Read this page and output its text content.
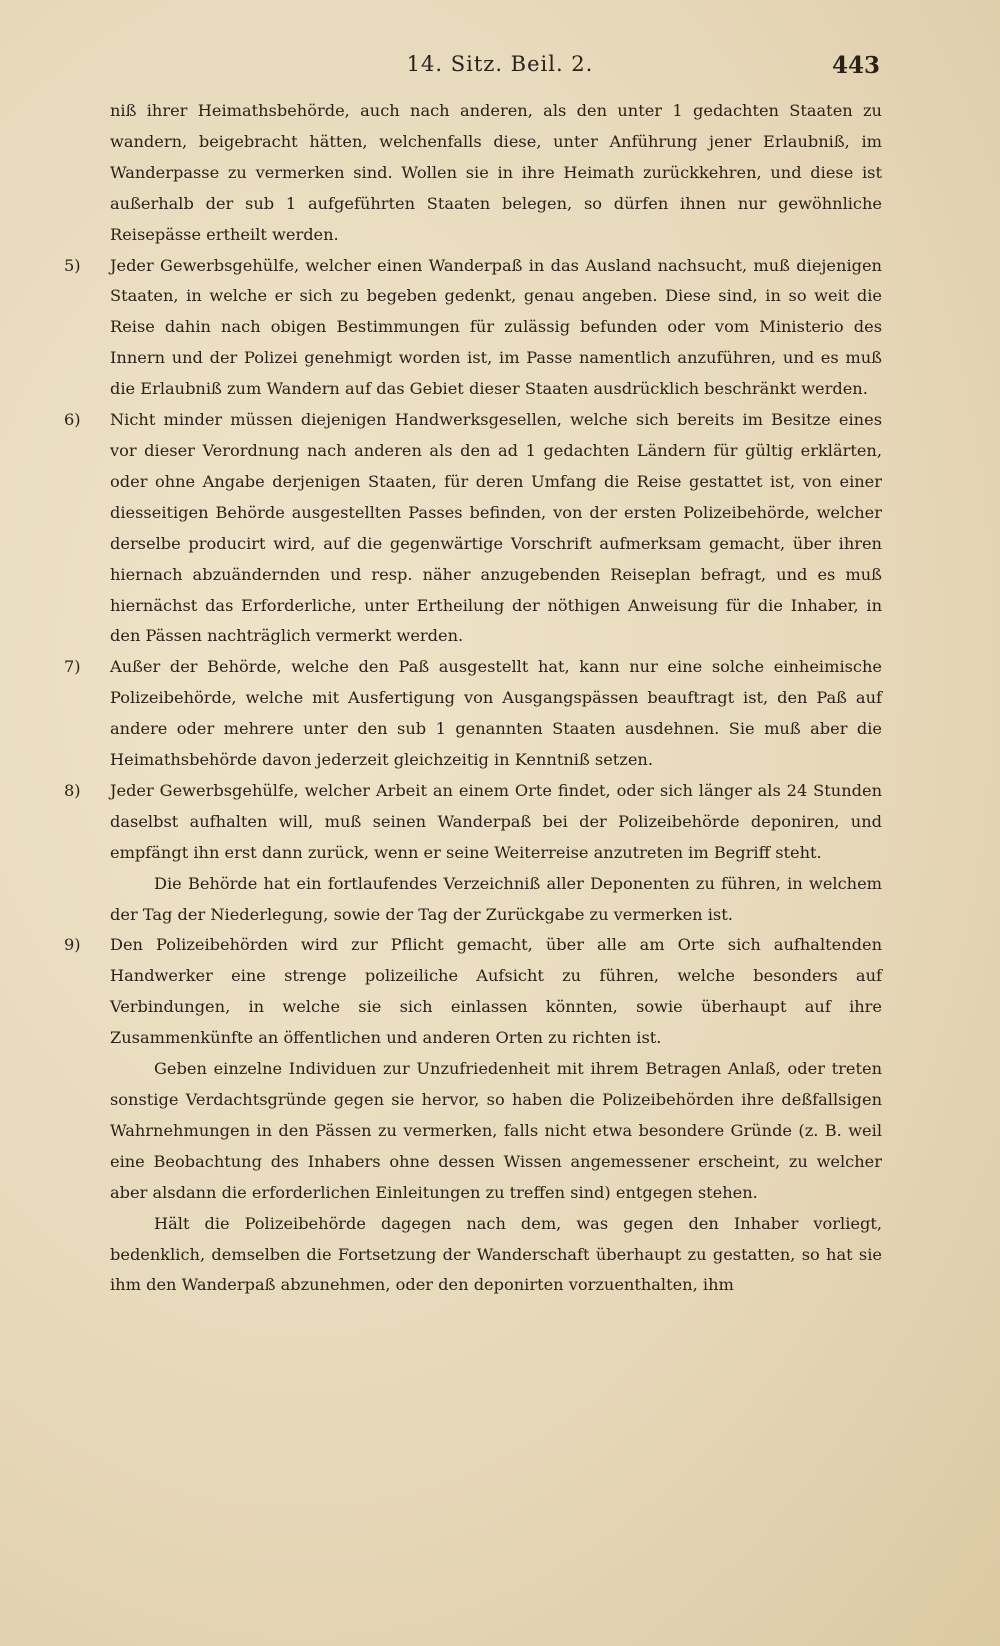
14. Sitz. Beil. 2.	443

niß ihrer Heimathsbehörde, auch nach anderen, als den unter 1 gedachten Staaten zu wandern, beigebracht hätten, welchenfalls diese, unter Anführung jener Erlaubniß, im Wanderpasse zu vermerken sind. Wollen sie in ihre Heimath zurückkehren, und diese ist außerhalb der sub 1 aufgeführten Staaten belegen, so dürfen ihnen nur gewöhnliche Reisepässe ertheilt werden.

5) Jeder Gewerbsgehülfe, welcher einen Wanderpaß in das Ausland nachsucht, muß diejenigen Staaten, in welche er sich zu begeben gedenkt, genau angeben. Diese sind, in so weit die Reise dahin nach obigen Bestimmungen für zulässig befunden oder vom Ministerio des Innern und der Polizei genehmigt worden ist, im Passe namentlich anzuführen, und es muß die Erlaubniß zum Wandern auf das Gebiet dieser Staaten ausdrücklich beschränkt werden.

6) Nicht minder müssen diejenigen Handwerksgesellen, welche sich bereits im Besitze eines vor dieser Verordnung nach anderen als den ad 1 gedachten Ländern für gültig erklärten, oder ohne Angabe derjenigen Staaten, für deren Umfang die Reise gestattet ist, von einer diesseitigen Behörde ausgestellten Passes befinden, von der ersten Polizeibehörde, welcher derselbe producirt wird, auf die gegenwärtige Vorschrift aufmerksam gemacht, über ihren hiernach abzuändernden und resp. näher anzugebenden Reiseplan befragt, und es muß hiernächst das Erforderliche, unter Ertheilung der nöthigen Anweisung für die Inhaber, in den Pässen nachträglich vermerkt werden.

7) Außer der Behörde, welche den Paß ausgestellt hat, kann nur eine solche einheimische Polizeibehörde, welche mit Ausfertigung von Ausgangspässen beauftragt ist, den Paß auf andere oder mehrere unter den sub 1 genannten Staaten ausdehnen. Sie muß aber die Heimathsbehörde davon jederzeit gleichzeitig in Kenntniß setzen.

8) Jeder Gewerbsgehülfe, welcher Arbeit an einem Orte findet, oder sich länger als 24 Stunden daselbst aufhalten will, muß seinen Wanderpaß bei der Polizeibehörde deponiren, und empfängt ihn erst dann zurück, wenn er seine Weiterreise anzutreten im Begriff steht.

Die Behörde hat ein fortlaufendes Verzeichniß aller Deponenten zu führen, in welchem der Tag der Niederlegung, sowie der Tag der Zurückgabe zu vermerken ist.

9) Den Polizeibehörden wird zur Pflicht gemacht, über alle am Orte sich aufhaltenden Handwerker eine strenge polizeiliche Aufsicht zu führen, welche besonders auf Verbindungen, in welche sie sich einlassen könnten, sowie überhaupt auf ihre Zusammenkünfte an öffentlichen und anderen Orten zu richten ist.

Geben einzelne Individuen zur Unzufriedenheit mit ihrem Betragen Anlaß, oder treten sonstige Verdachtsgründe gegen sie hervor, so haben die Polizeibehörden ihre deßfallsigen Wahrnehmungen in den Pässen zu vermerken, falls nicht etwa besondere Gründe (z. B. weil eine Beobachtung des Inhabers ohne dessen Wissen angemessener erscheint, zu welcher aber alsdann die erforderlichen Einleitungen zu treffen sind) entgegen stehen.

Hält die Polizeibehörde dagegen nach dem, was gegen den Inhaber vorliegt, bedenklich, demselben die Fortsetzung der Wanderschaft überhaupt zu gestatten, so hat sie ihm den Wanderpaß abzunehmen, oder den deponirten vorzuenthalten, ihm
